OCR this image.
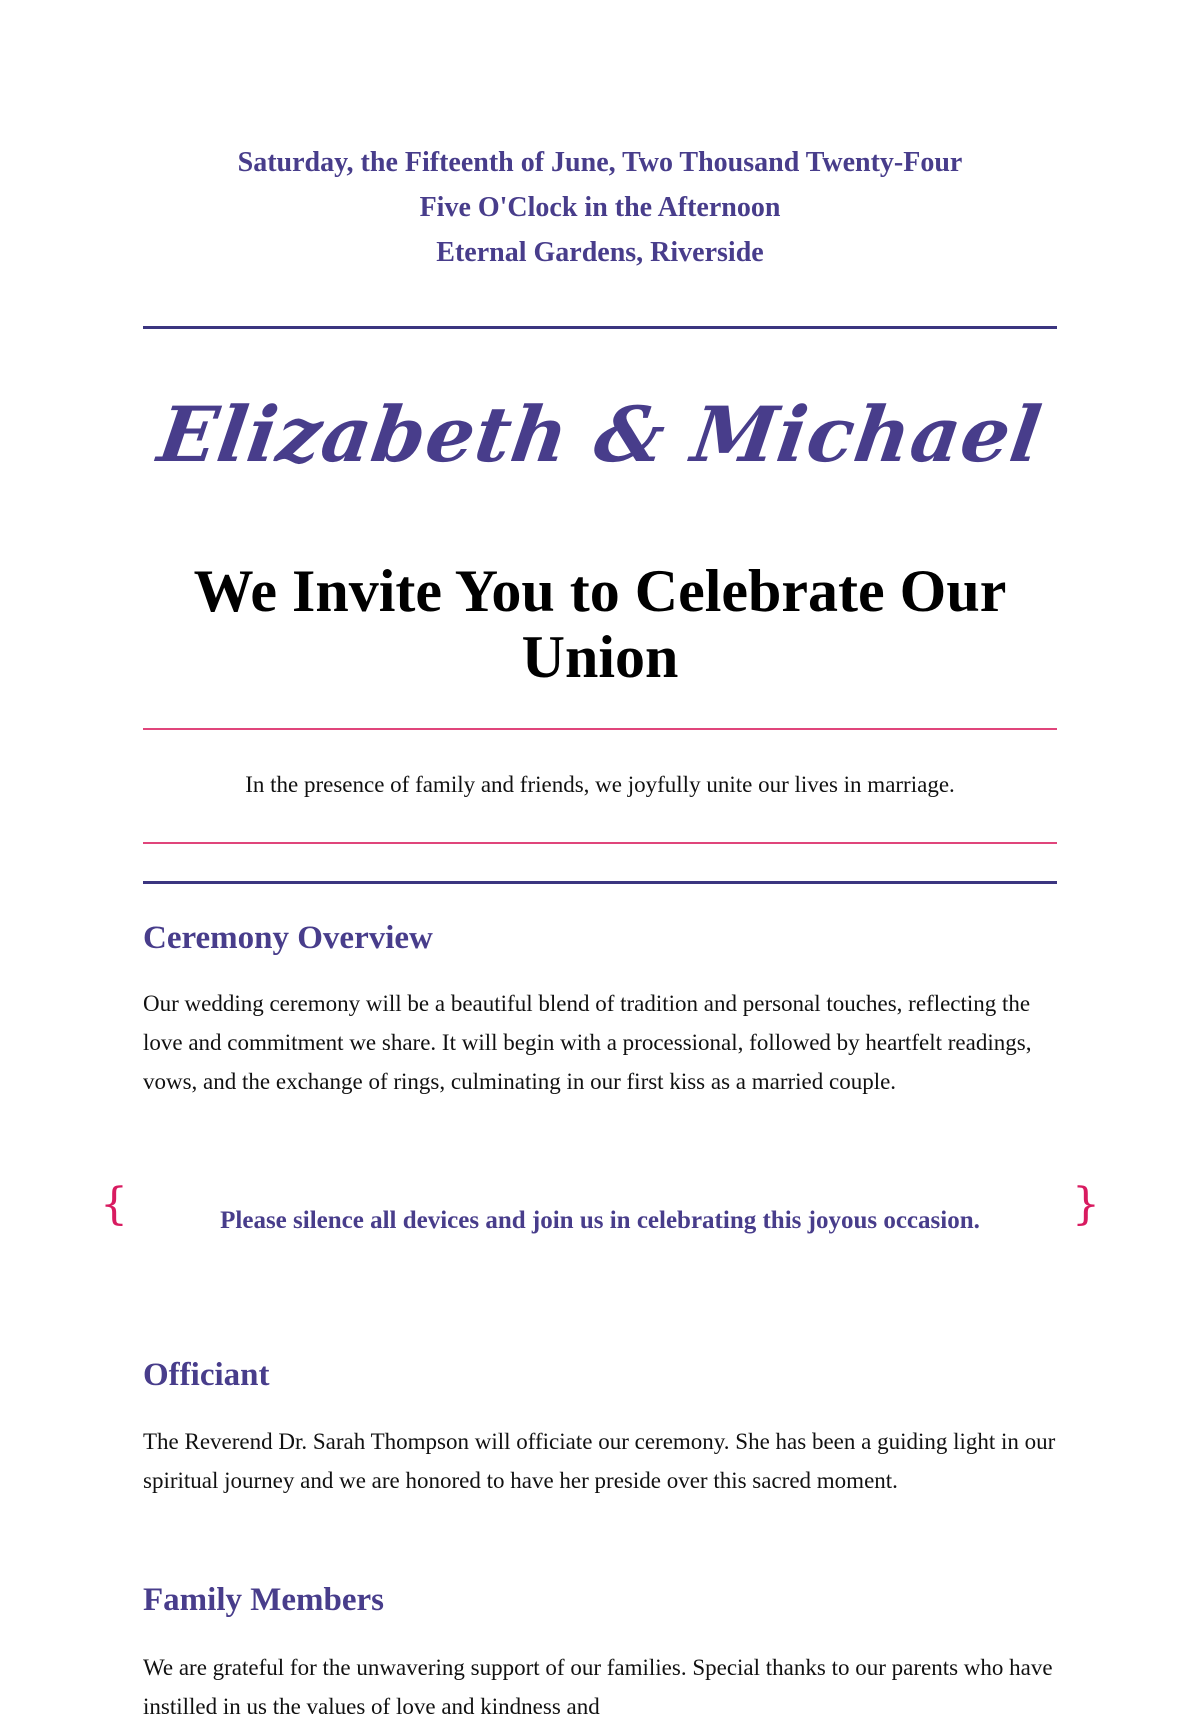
Saturday, the Fifteenth of June, Two Thousand Twenty-Four
Five O'Clock in the Afternoon
Eternal Gardens, Riverside
Elizabeth & Michael
We Invite You to Celebrate Our Union
In the presence of family and friends, we joyfully unite our lives in marriage.
Ceremony Overview

Our wedding ceremony will be a beautiful blend of tradition and personal touches, reflecting the love and commitment we share. It will begin with a processional, followed by heartfelt readings, vows, and the exchange of rings, culminating in our first kiss as a married couple.

{	Please silence all devices and join us in celebrating this joyous occasion.	}
Officiant

The Reverend Dr. Sarah Thompson will officiate our ceremony. She has been a guiding light in our spiritual journey and we are honored to have her preside over this sacred moment.

Family Members

We are grateful for the unwavering support of our families. Special thanks to our parents who have instilled in us the values of love and kindness and
